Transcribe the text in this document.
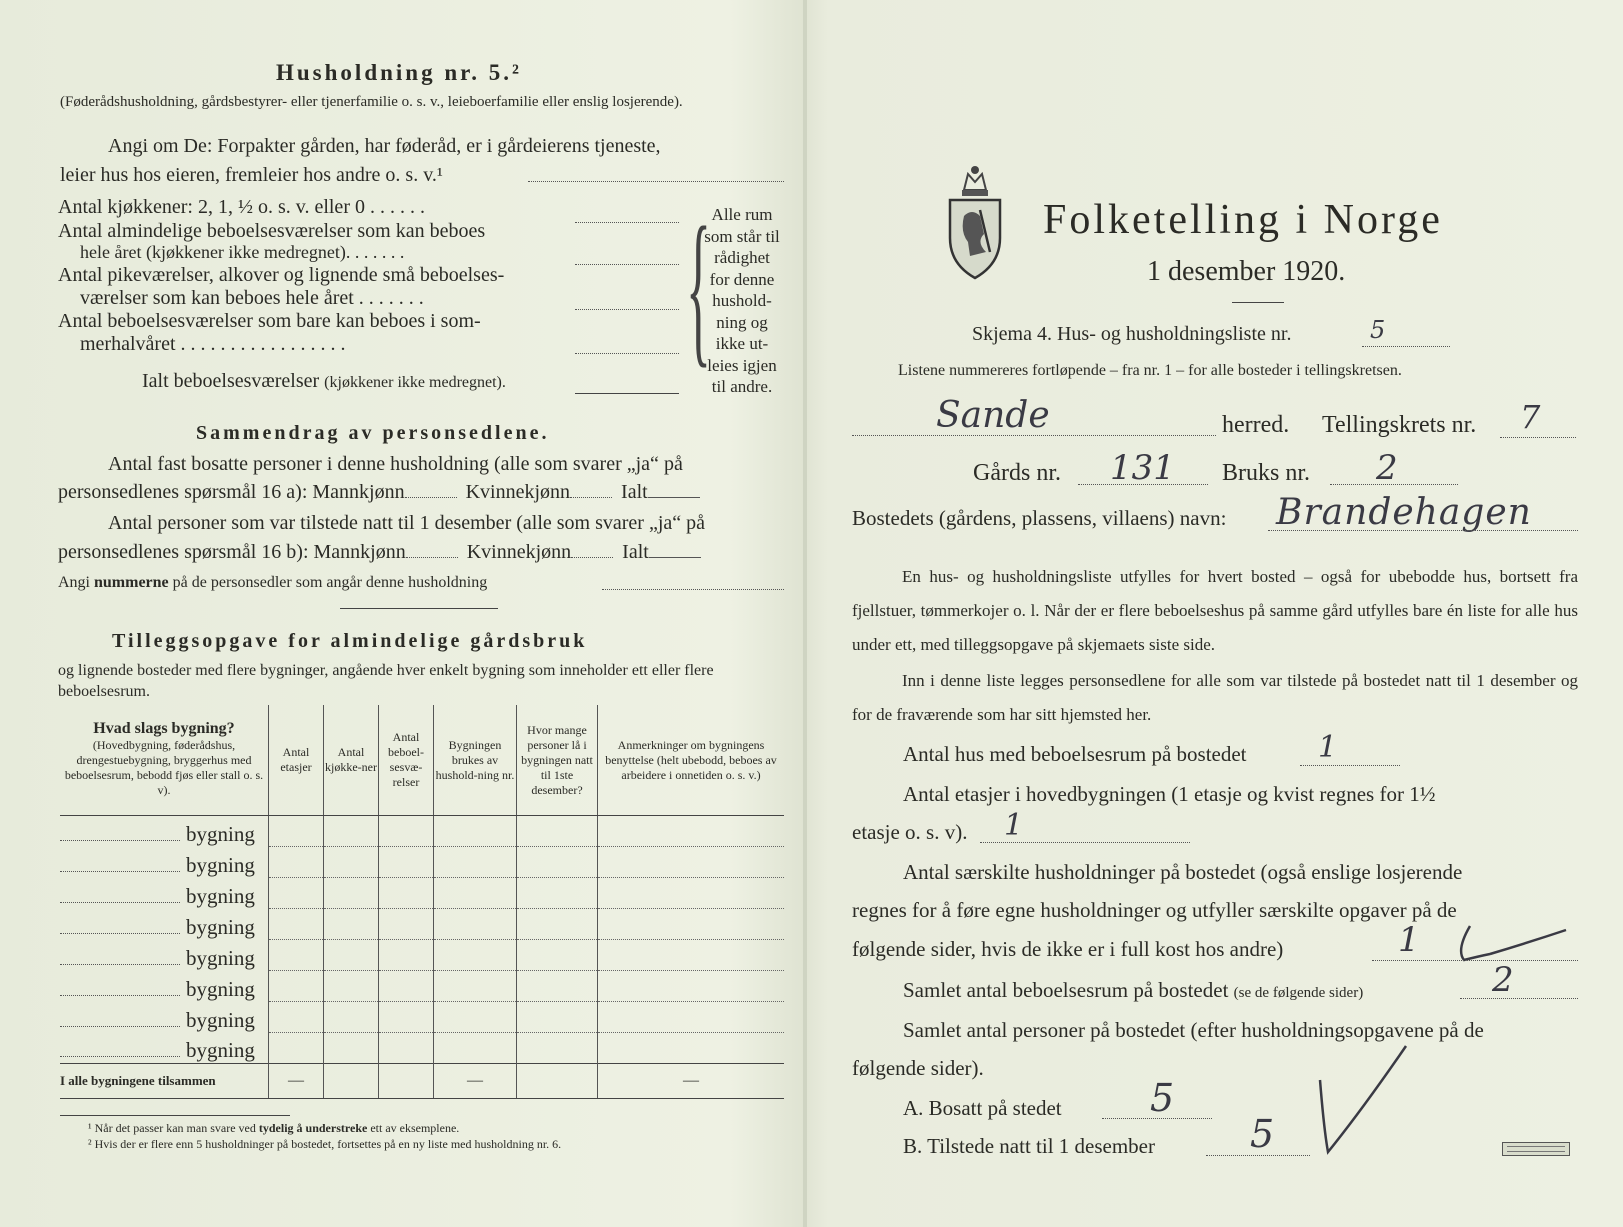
Husholdning nr. 5.²
(Føderådshusholdning, gårdsbestyrer- eller tjenerfamilie o. s. v., leieboerfamilie eller enslig losjerende).
Angi om De: Forpakter gården, har føderåd, er i gårdeierens tjeneste,
leier hus hos eieren, fremleier hos andre o. s. v.¹
Antal kjøkkener: 2, 1, ½ o. s. v. eller 0 . . . . . .
Antal almindelige beboelsesværelser som kan beboes
hele året (kjøkkener ikke medregnet). . . . . . .
Antal pikeværelser, alkover og lignende små beboelses-
værelser som kan beboes hele året . . . . . . .
Antal beboelsesværelser som bare kan beboes i som-
merhalvåret . . . . . . . . . . . . . . . . .
Ialt beboelsesværelser (kjøkkener ikke medregnet).	{ Alle rum
som står til
rådighet
for denne
hushold-
ning og
ikke ut-
leies igjen
til andre.
Sammendrag av personsedlene.
Antal fast bosatte personer i denne husholdning (alle som svarer „ja“ på
personsedlenes spørsmål 16 a): Mannkjønn	Kvinnekjønn	Ialt
Antal personer som var tilstede natt til 1 desember (alle som svarer „ja“ på
personsedlenes spørsmål 16 b): Mannkjønn	Kvinnekjønn	Ialt
Angi nummerne på de personsedler som angår denne husholdning
Tilleggsopgave for almindelige gårdsbruk
og lignende bosteder med flere bygninger, angående hver enkelt bygning som inneholder ett eller flere beboelsesrum.
Hvad slags bygning?
(Hovedbygning, føderådshus, drengestuebygning, bryggerhus med beboelsesrum, bebodd fjøs eller stall o. s. v).	Antal etasjer	Antal kjøkke-ner	Antal beboel-sesvæ-relser	Bygningen brukes av hushold-ning nr.	Hvor mange personer lå i bygningen natt til 1ste desember?	Anmerkninger om bygningens benyttelse (helt ubebodd, beboes av arbeidere i onnetiden o. s. v.)
bygning						
bygning						
bygning						
bygning						
bygning						
bygning						
bygning						
bygning						
I alle bygningene tilsammen	—			—		—
¹ Når det passer kan man svare ved tydelig å understreke ett av eksemplene.
² Hvis der er flere enn 5 husholdninger på bostedet, fortsettes på en ny liste med husholdning nr. 6.
Folketelling i Norge
1 desember 1920.
Skjema 4. Hus- og husholdningsliste nr.	5
Listene nummereres fortløpende – fra nr. 1 – for alle bosteder i tellingskretsen.
Sande	herred. Tellingskrets nr. 7
Gårds nr. 131 Bruks nr. 2
Bostedets (gårdens, plassens, villaens) navn: Brandehagen
En hus- og husholdningsliste utfylles for hvert bosted – også for ubebodde hus, bortsett fra fjellstuer, tømmerkojer o. l. Når der er flere beboelseshus på samme gård utfylles bare én liste for alle hus under ett, med tilleggsopgave på skjemaets siste side.
Inn i denne liste legges personsedlene for alle som var tilstede på bostedet natt til 1 desember og for de fraværende som har sitt hjemsted her.
Antal hus med beboelsesrum på bostedet 1
Antal etasjer i hovedbygningen (1 etasje og kvist regnes for 1½
etasje o. s. v). 1
Antal særskilte husholdninger på bostedet (også enslige losjerende
regnes for å føre egne husholdninger og utfyller særskilte opgaver på de
følgende sider, hvis de ikke er i full kost hos andre)	1
Samlet antal beboelsesrum på bostedet (se de følgende sider)	2
Samlet antal personer på bostedet (efter husholdningsopgavene på de
følgende sider).
A. Bosatt på stedet 5
B. Tilstede natt til 1 desember	5
